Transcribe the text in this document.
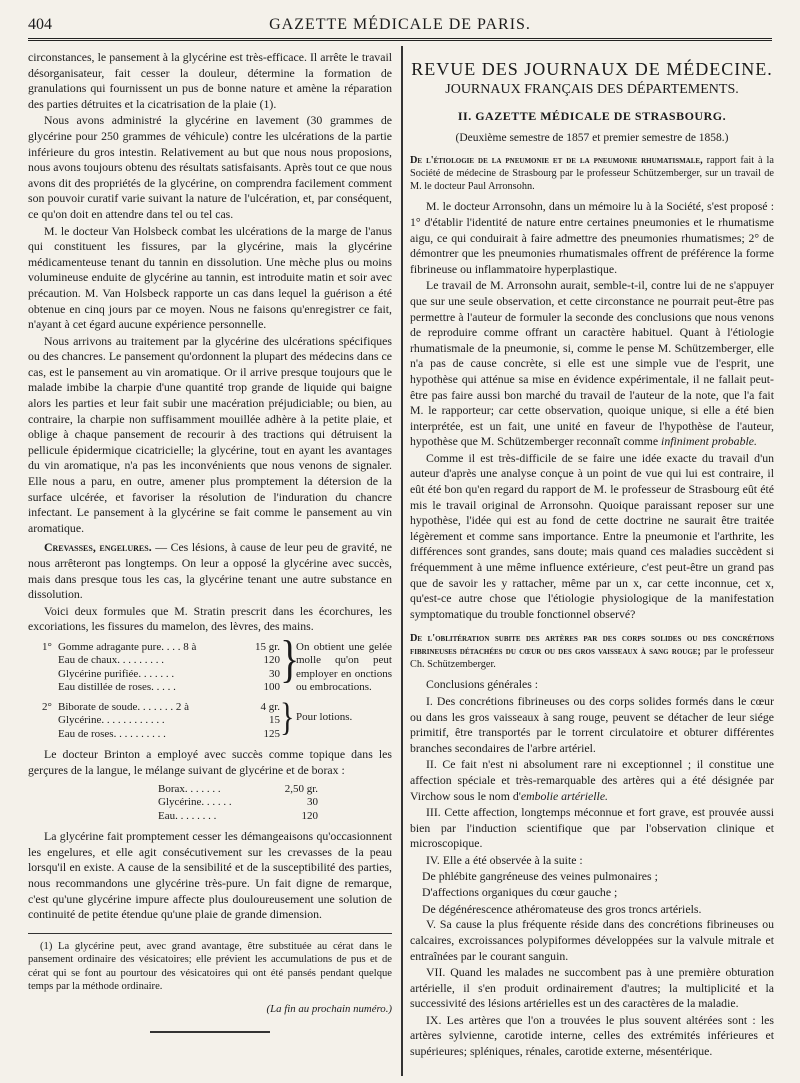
404	GAZETTE MÉDICALE DE PARIS.

circonstances, le pansement à la glycérine est très-efficace. Il arrête le travail désorganisateur, fait cesser la douleur, détermine la formation de granulations qui fournissent un pus de bonne nature et amène la réparation des parties détruites et la cicatrisation de la plaie (1).

Nous avons administré la glycérine en lavement (30 grammes de glycérine pour 250 grammes de véhicule) contre les ulcérations de la partie inférieure du gros intestin. Relativement au but que nous nous proposions, nous avons toujours obtenu des résultats satisfaisants. Après tout ce que nous avons dit des propriétés de la glycérine, on comprendra facilement comment son pouvoir curatif varie suivant la nature de l'ulcération, et, par conséquent, ce qu'on doit en attendre dans tel ou tel cas.

M. le docteur Van Holsbeck combat les ulcérations de la marge de l'anus qui constituent les fissures, par la glycérine, mais la glycérine médicamenteuse tenant du tannin en dissolution. Une mèche plus ou moins volumineuse enduite de glycérine au tannin, est introduite matin et soir avec précaution. M. Van Holsbeck rapporte un cas dans lequel la guérison a été obtenue en cinq jours par ce moyen. Nous ne faisons qu'enregistrer ce fait, n'ayant à cet égard aucune expérience personnelle.

Nous arrivons au traitement par la glycérine des ulcérations spécifiques ou des chancres. Le pansement qu'ordonnent la plupart des médecins dans ce cas, est le pansement au vin aromatique. Or il arrive presque toujours que le malade imbibe la charpie d'une quantité trop grande de liquide qui baigne alors les parties et leur fait subir une macération préjudiciable; ou bien, au contraire, la charpie non suffisamment mouillée adhère à la petite plaie, et oblige à chaque pansement de recourir à des tractions qui détruisent la pellicule épidermique cicatricielle; la glycérine, tout en ayant les avantages du vin aromatique, n'a pas les inconvénients que nous venons de signaler. Elle nous a paru, en outre, amener plus promptement la détersion de la surface ulcérée, et favoriser la résolution de l'induration du chancre infectant. Le pansement à la glycérine se fait comme le pansement au vin aromatique.

Crevasses, engelures. — Ces lésions, à cause de leur peu de gravité, ne nous arrêteront pas longtemps. On leur a opposé la glycérine avec succès, mais dans presque tous les cas, la glycérine tenant une autre substance en dissolution.

Voici deux formules que M. Stratin prescrit dans les écorchures, les excoriations, les fissures du mamelon, des lèvres, des mains.

1° Gomme adragante pure. . . . 8 à	15 gr.
Eau de chaux. . . . . . . . .	120
Glycérine purifiée. . . . . . .	30
Eau distillée de roses. . . . .	100 }
On obtient une gelée molle qu'on peut employer en onctions ou embrocations.
2° Biborate de soude. . . . . . . 2 à	4 gr.
Glycérine. . . . . . . . . . . .	15
Eau de roses. . . . . . . . . .	125 } Pour lotions.

Le docteur Brinton a employé avec succès comme topique dans les gerçures de la langue, le mélange suivant de glycérine et de borax :

Borax. . . . . . .	2,50 gr.
Glycérine. . . . . .	30
Eau. . . . . . . .	120

La glycérine fait promptement cesser les démangeaisons qu'occasionnent les engelures, et elle agit consécutivement sur les crevasses de la peau lorsqu'il en existe. A cause de la sensibilité et de la susceptibilité des parties, nous recommandons une glycérine très-pure. Un fait digne de remarque, c'est qu'une glycérine impure affecte plus douloureusement une solution de continuité de petite étendue qu'une plaie de grande dimension.

(1) La glycérine peut, avec grand avantage, être substituée au cérat dans le pansement ordinaire des vésicatoires; elle prévient les accumulations de pus et de cérat qui se font au pourtour des vésicatoires qui ont été pansés pendant quelque temps par la méthode ordinaire.

(La fin au prochain numéro.)
REVUE DES JOURNAUX DE MÉDECINE.
JOURNAUX FRANÇAIS DES DÉPARTEMENTS.
II. GAZETTE MÉDICALE DE STRASBOURG.
(Deuxième semestre de 1857 et premier semestre de 1858.)
De l'étiologie de la pneumonie et de la pneumonie rhumatismale, rapport fait à la Société de médecine de Strasbourg par le professeur Schützemberger, sur un travail de M. le docteur Paul Arronsohn.

M. le docteur Arronsohn, dans un mémoire lu à la Société, s'est proposé : 1° d'établir l'identité de nature entre certaines pneumonies et le rhumatisme aigu, ce qui conduirait à faire admettre des pneumonies rhumatismes; 2° de démontrer que les pneumonies rhumatismales offrent de préférence la forme fibrineuse ou inflammatoire hyperplastique.

Le travail de M. Arronsohn aurait, semble-t-il, contre lui de ne s'appuyer que sur une seule observation, et cette circonstance ne pourrait peut-être pas permettre à l'auteur de formuler la seconde des conclusions que nous venons de reproduire comme offrant un caractère habituel. Quant à l'étiologie rhumatismale de la pneumonie, si, comme le pense M. Schützemberger, elle n'a pas de cause concrète, si elle est une simple vue de l'esprit, une hypothèse qui atténue sa mise en évidence expérimentale, il ne fallait peut-être pas faire aussi bon marché du travail de l'auteur de la note, que l'a fait M. le rapporteur; car cette observation, quoique unique, si elle a été bien interprétée, est un fait, une unité en faveur de l'hypothèse de l'auteur, hypothèse que M. Schützemberger reconnaît comme infiniment probable.

Comme il est très-difficile de se faire une idée exacte du travail d'un auteur d'après une analyse conçue à un point de vue qui lui est contraire, il eût été bon qu'en regard du rapport de M. le professeur de Strasbourg eût été mis le travail original de Arronsohn. Quoique paraissant reposer sur une hypothèse, l'idée qui est au fond de cette doctrine ne saurait être traitée légèrement et comme sans importance. Entre la pneumonie et l'arthrite, les différences sont grandes, sans doute; mais quand ces maladies succèdent si fréquemment à une même influence extérieure, c'est peut-être un grand pas que de savoir les y rattacher, même par un x, car cette inconnue, cet x, qu'est-ce autre chose que l'étiologie physiologique de la manifestation symptomatique du trouble fonctionnel observé?

De l'oblitération subite des artères par des corps solides ou des concrétions fibrineuses détachées du cœur ou des gros vaisseaux à sang rouge; par le professeur Ch. Schützemberger.

Conclusions générales :

I. Des concrétions fibrineuses ou des corps solides formés dans le cœur ou dans les gros vaisseaux à sang rouge, peuvent se détacher de leur siége primitif, être transportés par le torrent circulatoire et obturer différentes branches secondaires de l'arbre artériel.

II. Ce fait n'est ni absolument rare ni exceptionnel ; il constitue une affection spéciale et très-remarquable des artères qui a été désignée par Virchow sous le nom d'embolie artérielle.

III. Cette affection, longtemps méconnue et fort grave, est prouvée aussi bien par l'induction scientifique que par l'observation clinique et microscopique.

IV. Elle a été observée à la suite :

De phlébite gangréneuse des veines pulmonaires ;

D'affections organiques du cœur gauche ;

De dégénérescence athéromateuse des gros troncs artériels.

V. Sa cause la plus fréquente réside dans des concrétions fibrineuses ou calcaires, excroissances polypiformes développées sur la valvule mitrale et entraînées par le courant sanguin.

VII. Quand les malades ne succombent pas à une première obturation artérielle, il s'en produit ordinairement d'autres; la multiplicité et la successivité des lésions artérielles est un des caractères de la maladie.

IX. Les artères que l'on a trouvées le plus souvent altérées sont : les artères sylvienne, carotide interne, celles des extrémités inférieures et supérieures; spléniques, rénales, carotide externe, mésentérique.
